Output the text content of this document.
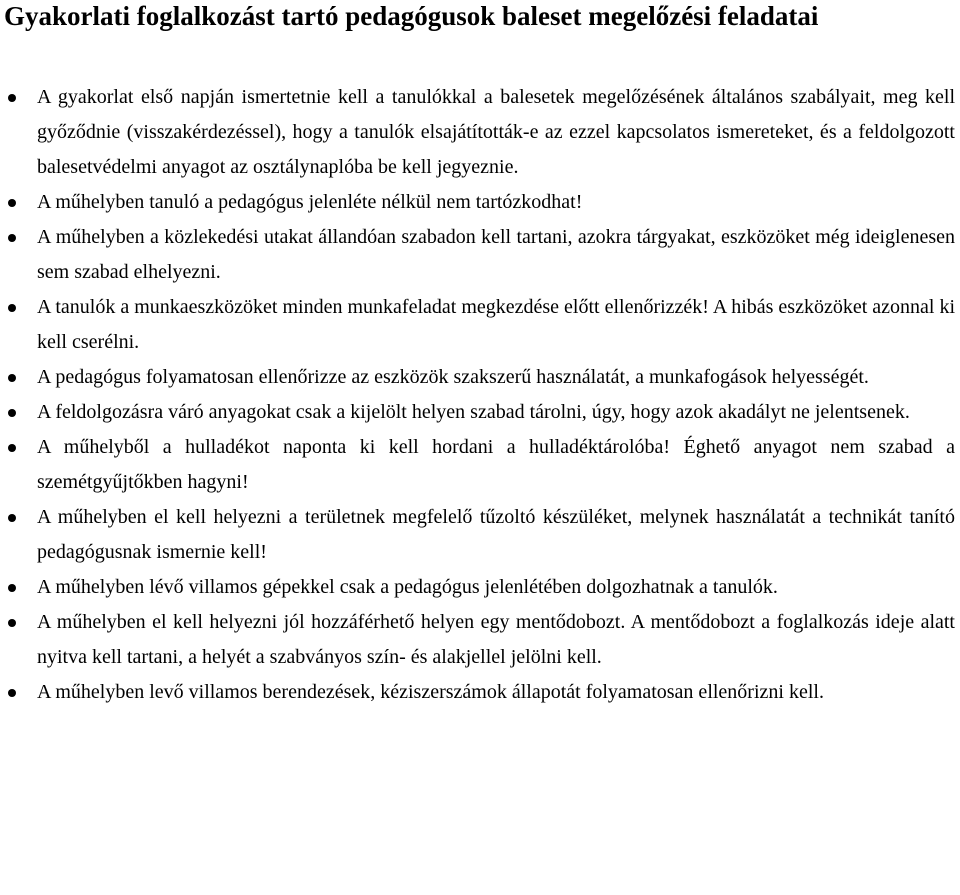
Gyakorlati foglalkozást tartó pedagógusok baleset megelőzési feladatai
A gyakorlat első napján ismertetnie kell a tanulókkal a balesetek megelőzésének általános szabályait, meg kell győződnie (visszakérdezéssel), hogy a tanulók elsajátították-e az ezzel kapcsolatos ismereteket, és a feldolgozott balesetvédelmi anyagot az osztálynaplóba be kell jegyeznie.
A műhelyben tanuló a pedagógus jelenléte nélkül nem tartózkodhat!
A műhelyben a közlekedési utakat állandóan szabadon kell tartani, azokra tárgyakat, eszközöket még ideiglenesen sem szabad elhelyezni.
A tanulók a munkaeszközöket minden munkafeladat megkezdése előtt ellenőrizzék! A hibás eszközöket azonnal ki kell cserélni.
A pedagógus folyamatosan ellenőrizze az eszközök szakszerű használatát, a munkafogások helyességét.
A feldolgozásra váró anyagokat csak a kijelölt helyen szabad tárolni, úgy, hogy azok akadályt ne jelentsenek.
A műhelyből a hulladékot naponta ki kell hordani a hulladéktárolóba! Éghető anyagot nem szabad a szemétgyűjtőkben hagyni!
A műhelyben el kell helyezni a területnek megfelelő tűzoltó készüléket, melynek használatát a technikát tanító pedagógusnak ismernie kell!
A műhelyben lévő villamos gépekkel csak a pedagógus jelenlétében dolgozhatnak a tanulók.
A műhelyben el kell helyezni jól hozzáférhető helyen egy mentődobozt. A mentődobozt a foglalkozás ideje alatt nyitva kell tartani, a helyét a szabványos szín- és alakjellel jelölni kell.
A műhelyben levő villamos berendezések, kéziszerszámok állapotát folyamatosan ellenőrizni kell.
